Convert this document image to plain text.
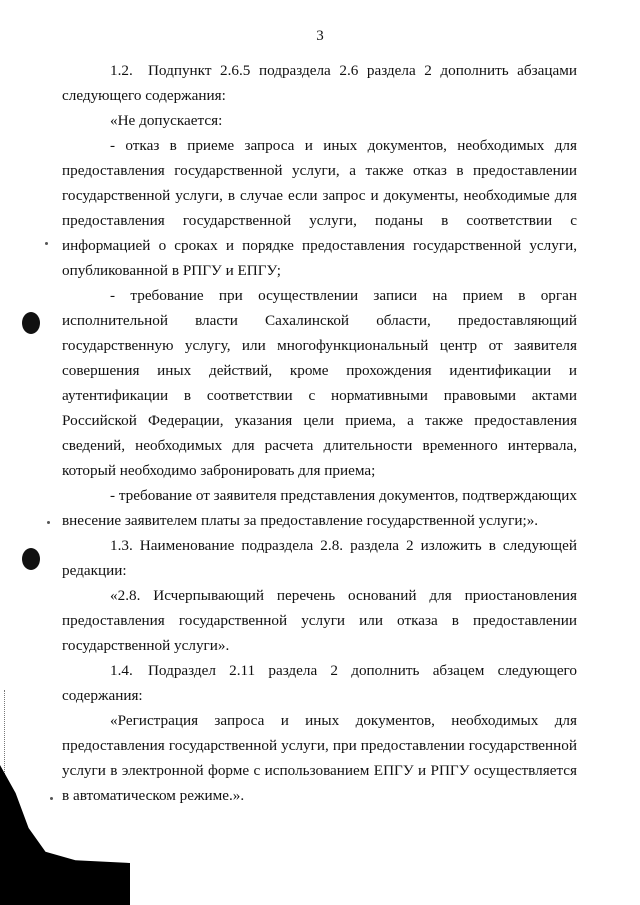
3

1.2. Подпункт 2.6.5 подраздела 2.6 раздела 2 дополнить абзацами следующего содержания:

«Не допускается:

- отказ в приеме запроса и иных документов, необходимых для предоставления государственной услуги, а также отказ в предоставлении государственной услуги, в случае если запрос и документы, необходимые для предоставления государственной услуги, поданы в соответствии с информацией о сроках и порядке предоставления государственной услуги, опубликованной в РПГУ и ЕПГУ;

- требование при осуществлении записи на прием в орган исполнительной власти Сахалинской области, предоставляющий государственную услугу, или многофункциональный центр от заявителя совершения иных действий, кроме прохождения идентификации и аутентификации в соответствии с нормативными правовыми актами Российской Федерации, указания цели приема, а также предоставления сведений, необходимых для расчета длительности временного интервала, который необходимо забронировать для приема;

- требование от заявителя представления документов, подтверждающих внесение заявителем платы за предоставление государственной услуги;».

1.3. Наименование подраздела 2.8. раздела 2 изложить в следующей редакции:

«2.8. Исчерпывающий перечень оснований для приостановления предоставления государственной услуги или отказа в предоставлении государственной услуги».

1.4. Подраздел 2.11 раздела 2 дополнить абзацем следующего содержания:

«Регистрация запроса и иных документов, необходимых для предоставления государственной услуги, при предоставлении государственной услуги в электронной форме с использованием ЕПГУ и РПГУ осуществляется в автоматическом режиме.».
